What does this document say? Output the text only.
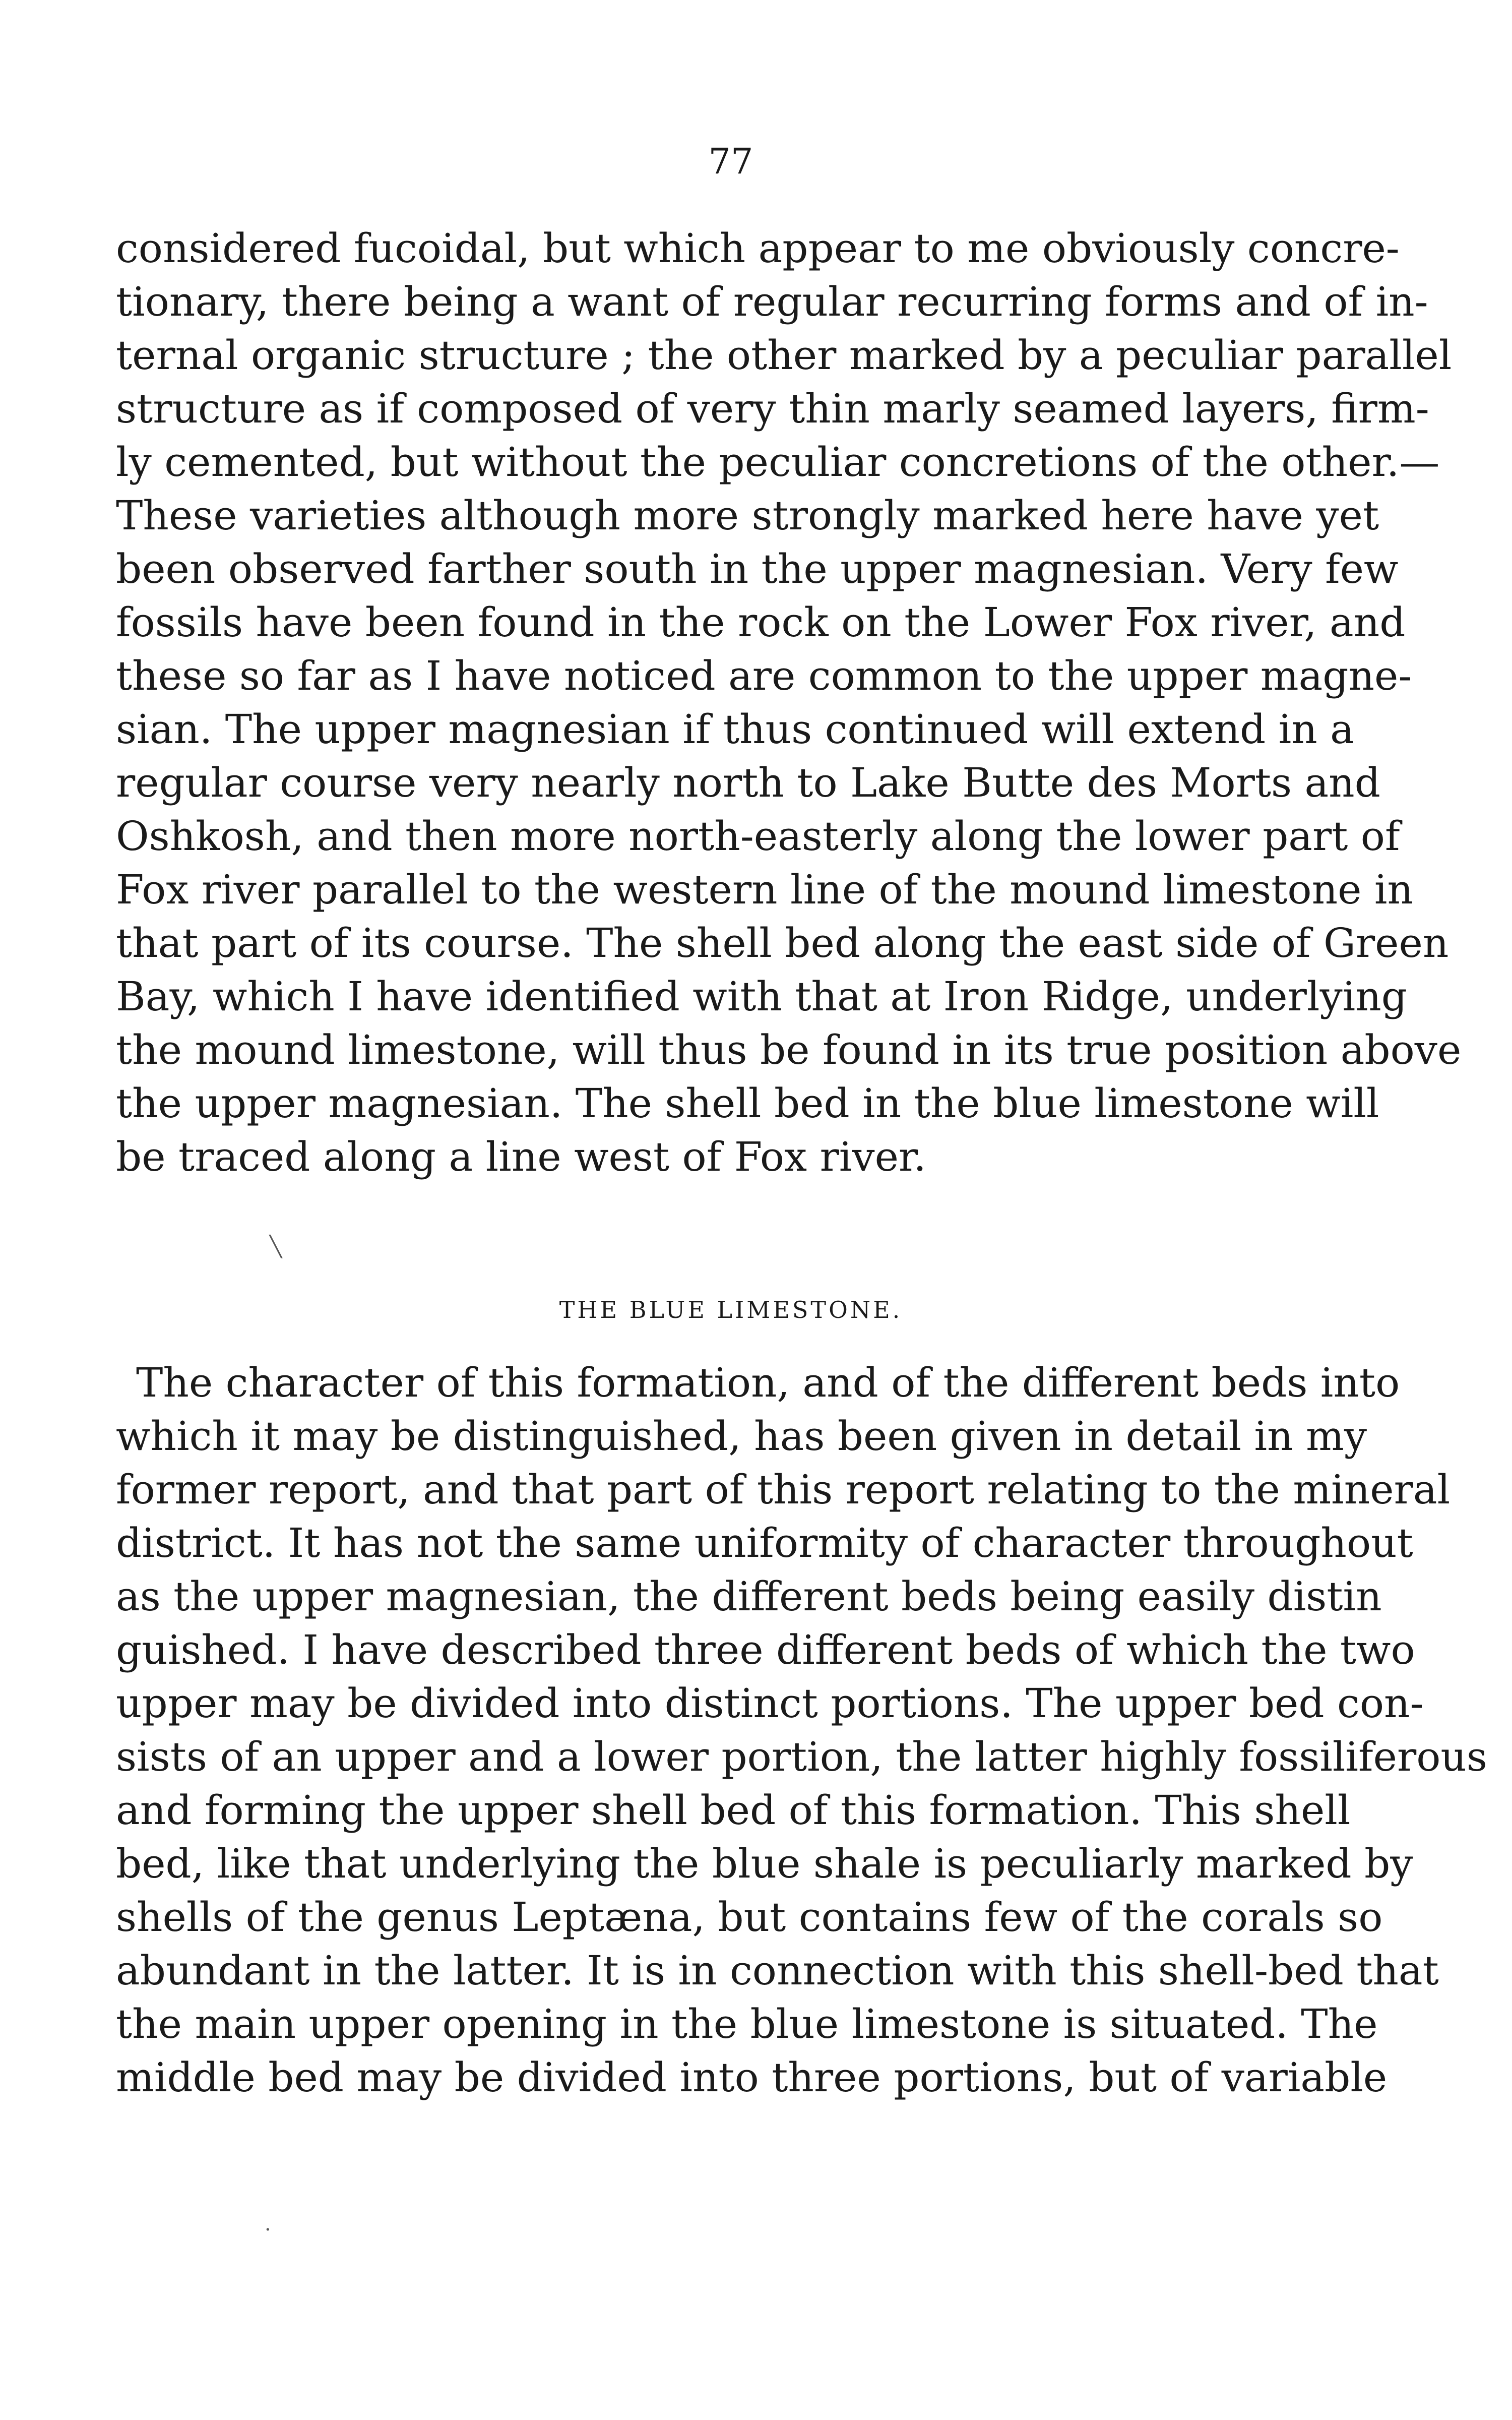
77
considered fucoidal, but which appear to me obviously concre-
tionary, there being a want of regular recurring forms and of in-
ternal organic structure ; the other marked by a peculiar parallel
structure as if composed of very thin marly seamed layers, firm-
ly cemented, but without the peculiar concretions of the other.—
These varieties although more strongly marked here have yet
been observed farther south in the upper magnesian. Very few
fossils have been found in the rock on the Lower Fox river, and
these so far as I have noticed are common to the upper magne-
sian. The upper magnesian if thus continued will extend in a
regular course very nearly north to Lake Butte des Morts and
Oshkosh, and then more north-easterly along the lower part of
Fox river parallel to the western line of the mound limestone in
that part of its course. The shell bed along the east side of Green
Bay, which I have identified with that at Iron Ridge, underlying
the mound limestone, will thus be found in its true position above
the upper magnesian. The shell bed in the blue limestone will
be traced along a line west of Fox river.
THE BLUE LIMESTONE.
The character of this formation, and of the different beds into
which it may be distinguished, has been given in detail in my
former report, and that part of this report relating to the mineral
district. It has not the same uniformity of character throughout
as the upper magnesian, the different beds being easily distin
guished. I have described three different beds of which the two
upper may be divided into distinct portions. The upper bed con-
sists of an upper and a lower portion, the latter highly fossiliferous
and forming the upper shell bed of this formation. This shell
bed, like that underlying the blue shale is peculiarly marked by
shells of the genus Leptæna, but contains few of the corals so
abundant in the latter. It is in connection with this shell-bed that
the main upper opening in the blue limestone is situated. The
middle bed may be divided into three portions, but of variable
╲
·
